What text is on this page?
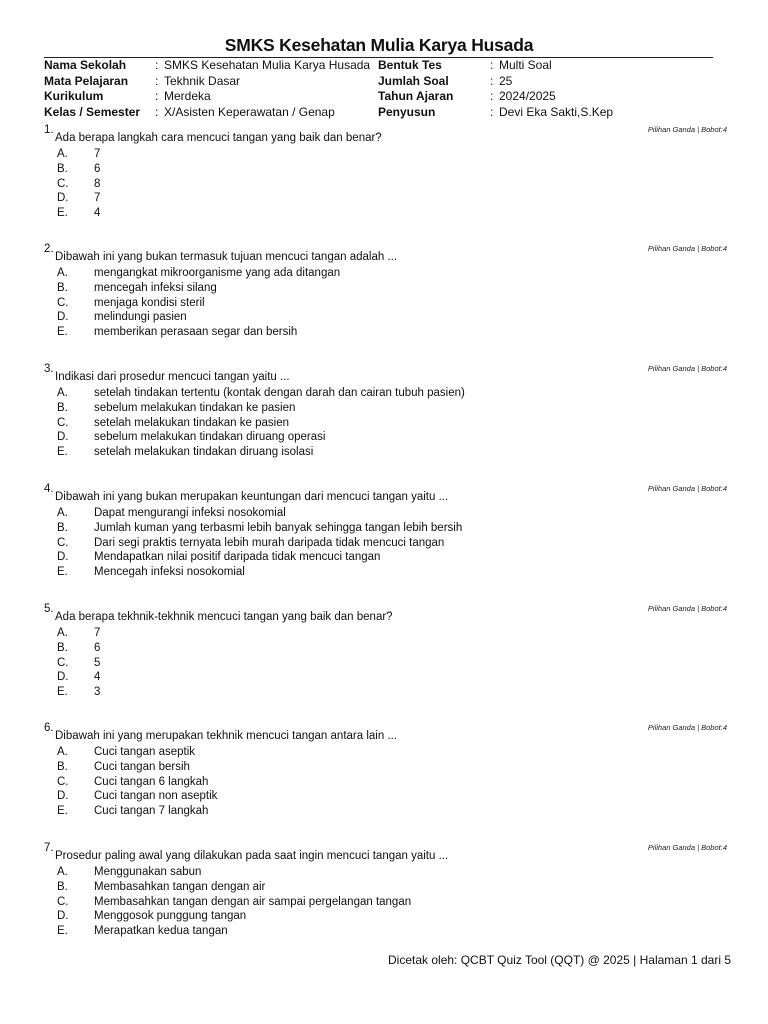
SMKS Kesehatan Mulia Karya Husada
Nama Sekolah : SMKS Kesehatan Mulia Karya Husada Bentuk Tes	: Multi Soal
Mata Pelajaran : Tekhnik Dasar	Jumlah Soal	: 25
Kurikulum	: Merdeka	Tahun Ajaran	: 2024/2025
Kelas / Semester : X/Asisten Keperawatan / Genap	Penyusun	: Devi Eka Sakti,S.Kep
1.	Pilihan Ganda | Bobot:4
Ada berapa langkah cara mencuci tangan yang baik dan benar?
A. 7
B. 6
C. 8
D. 7
E. 4
2.	Pilihan Ganda | Bobot:4
Dibawah ini yang bukan termasuk tujuan mencuci tangan adalah ...
A. mengangkat mikroorganisme yang ada ditangan
B. mencegah infeksi silang
C. menjaga kondisi steril
D. melindungi pasien
E. memberikan perasaan segar dan bersih
3.	Pilihan Ganda | Bobot:4
Indikasi dari prosedur mencuci tangan yaitu ...
A. setelah tindakan tertentu (kontak dengan darah dan cairan tubuh pasien)
B. sebelum melakukan tindakan ke pasien
C. setelah melakukan tindakan ke pasien
D. sebelum melakukan tindakan diruang operasi
E. setelah melakukan tindakan diruang isolasi
4.	Pilihan Ganda | Bobot:4
Dibawah ini yang bukan merupakan keuntungan dari mencuci tangan yaitu ...
A. Dapat mengurangi infeksi nosokomial
B. Jumlah kuman yang terbasmi lebih banyak sehingga tangan lebih bersih
C. Dari segi praktis ternyata lebih murah daripada tidak mencuci tangan
D. Mendapatkan nilai positif daripada tidak mencuci tangan
E. Mencegah infeksi nosokomial
5.	Pilihan Ganda | Bobot:4
Ada berapa tekhnik-tekhnik mencuci tangan yang baik dan benar?
A. 7
B. 6
C. 5
D. 4
E. 3
6.	Pilihan Ganda | Bobot:4
Dibawah ini yang merupakan tekhnik mencuci tangan antara lain ...
A. Cuci tangan aseptik
B. Cuci tangan bersih
C. Cuci tangan 6 langkah
D. Cuci tangan non aseptik
E. Cuci tangan 7 langkah
7.	Pilihan Ganda | Bobot:4
Prosedur paling awal yang dilakukan pada saat ingin mencuci tangan yaitu ...
A. Menggunakan sabun
B. Membasahkan tangan dengan air
C. Membasahkan tangan dengan air sampai pergelangan tangan
D. Menggosok punggung tangan
E. Merapatkan kedua tangan
Dicetak oleh: QCBT Quiz Tool (QQT) @ 2025 | Halaman 1 dari 5
